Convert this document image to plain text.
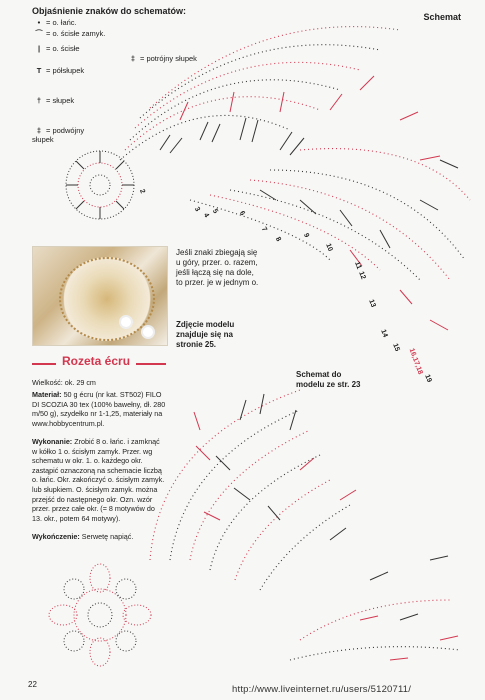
Objaśnienie znaków do schematów:
• = o. łańc.
⌒ = o. ścisłe zamyk.
| = o. ścisłe
T = półsłupek
† = słupek
‡ = podwójny słupek
‡ = potrójny słupek
Schemat
2
3
4
5	6
7
8
9
10
11
12
13
14
15 16,17,18
19
Jeśli znaki zbiegają się u góry, przer. o. razem, jeśli łączą się na dole, to przer. je w jednym o.
Zdjęcie modelu znajduje się na stronie 25.
Schemat do modelu ze str. 23
Rozeta écru
Wielkość: ok. 29 cm
Materiał: 50 g écru (nr kat. ST502) FILO DI SCOZIA 30 tex (100% bawełny, dł. 280 m/50 g), szydełko nr 1-1,25, materiały na www.hobbycentrum.pl.
Wykonanie: Zrobić 8 o. łańc. i zamknąć w kółko 1 o. ścisłym zamyk. Przer. wg schematu w okr. 1. o. każdego okr. zastąpić oznaczoną na schemacie liczbą o. łańc. Okr. zakończyć o. ścisłym zamyk. lub słupkiem. O. ścisłym zamyk. można przejść do następnego okr. Ozn. wzór przer. przez całe okr. (= 8 motywów do 13. okr., potem 64 motywy).
Wykończenie: Serwetę napiąć.
22	http://www.liveinternet.ru/users/5120711/
